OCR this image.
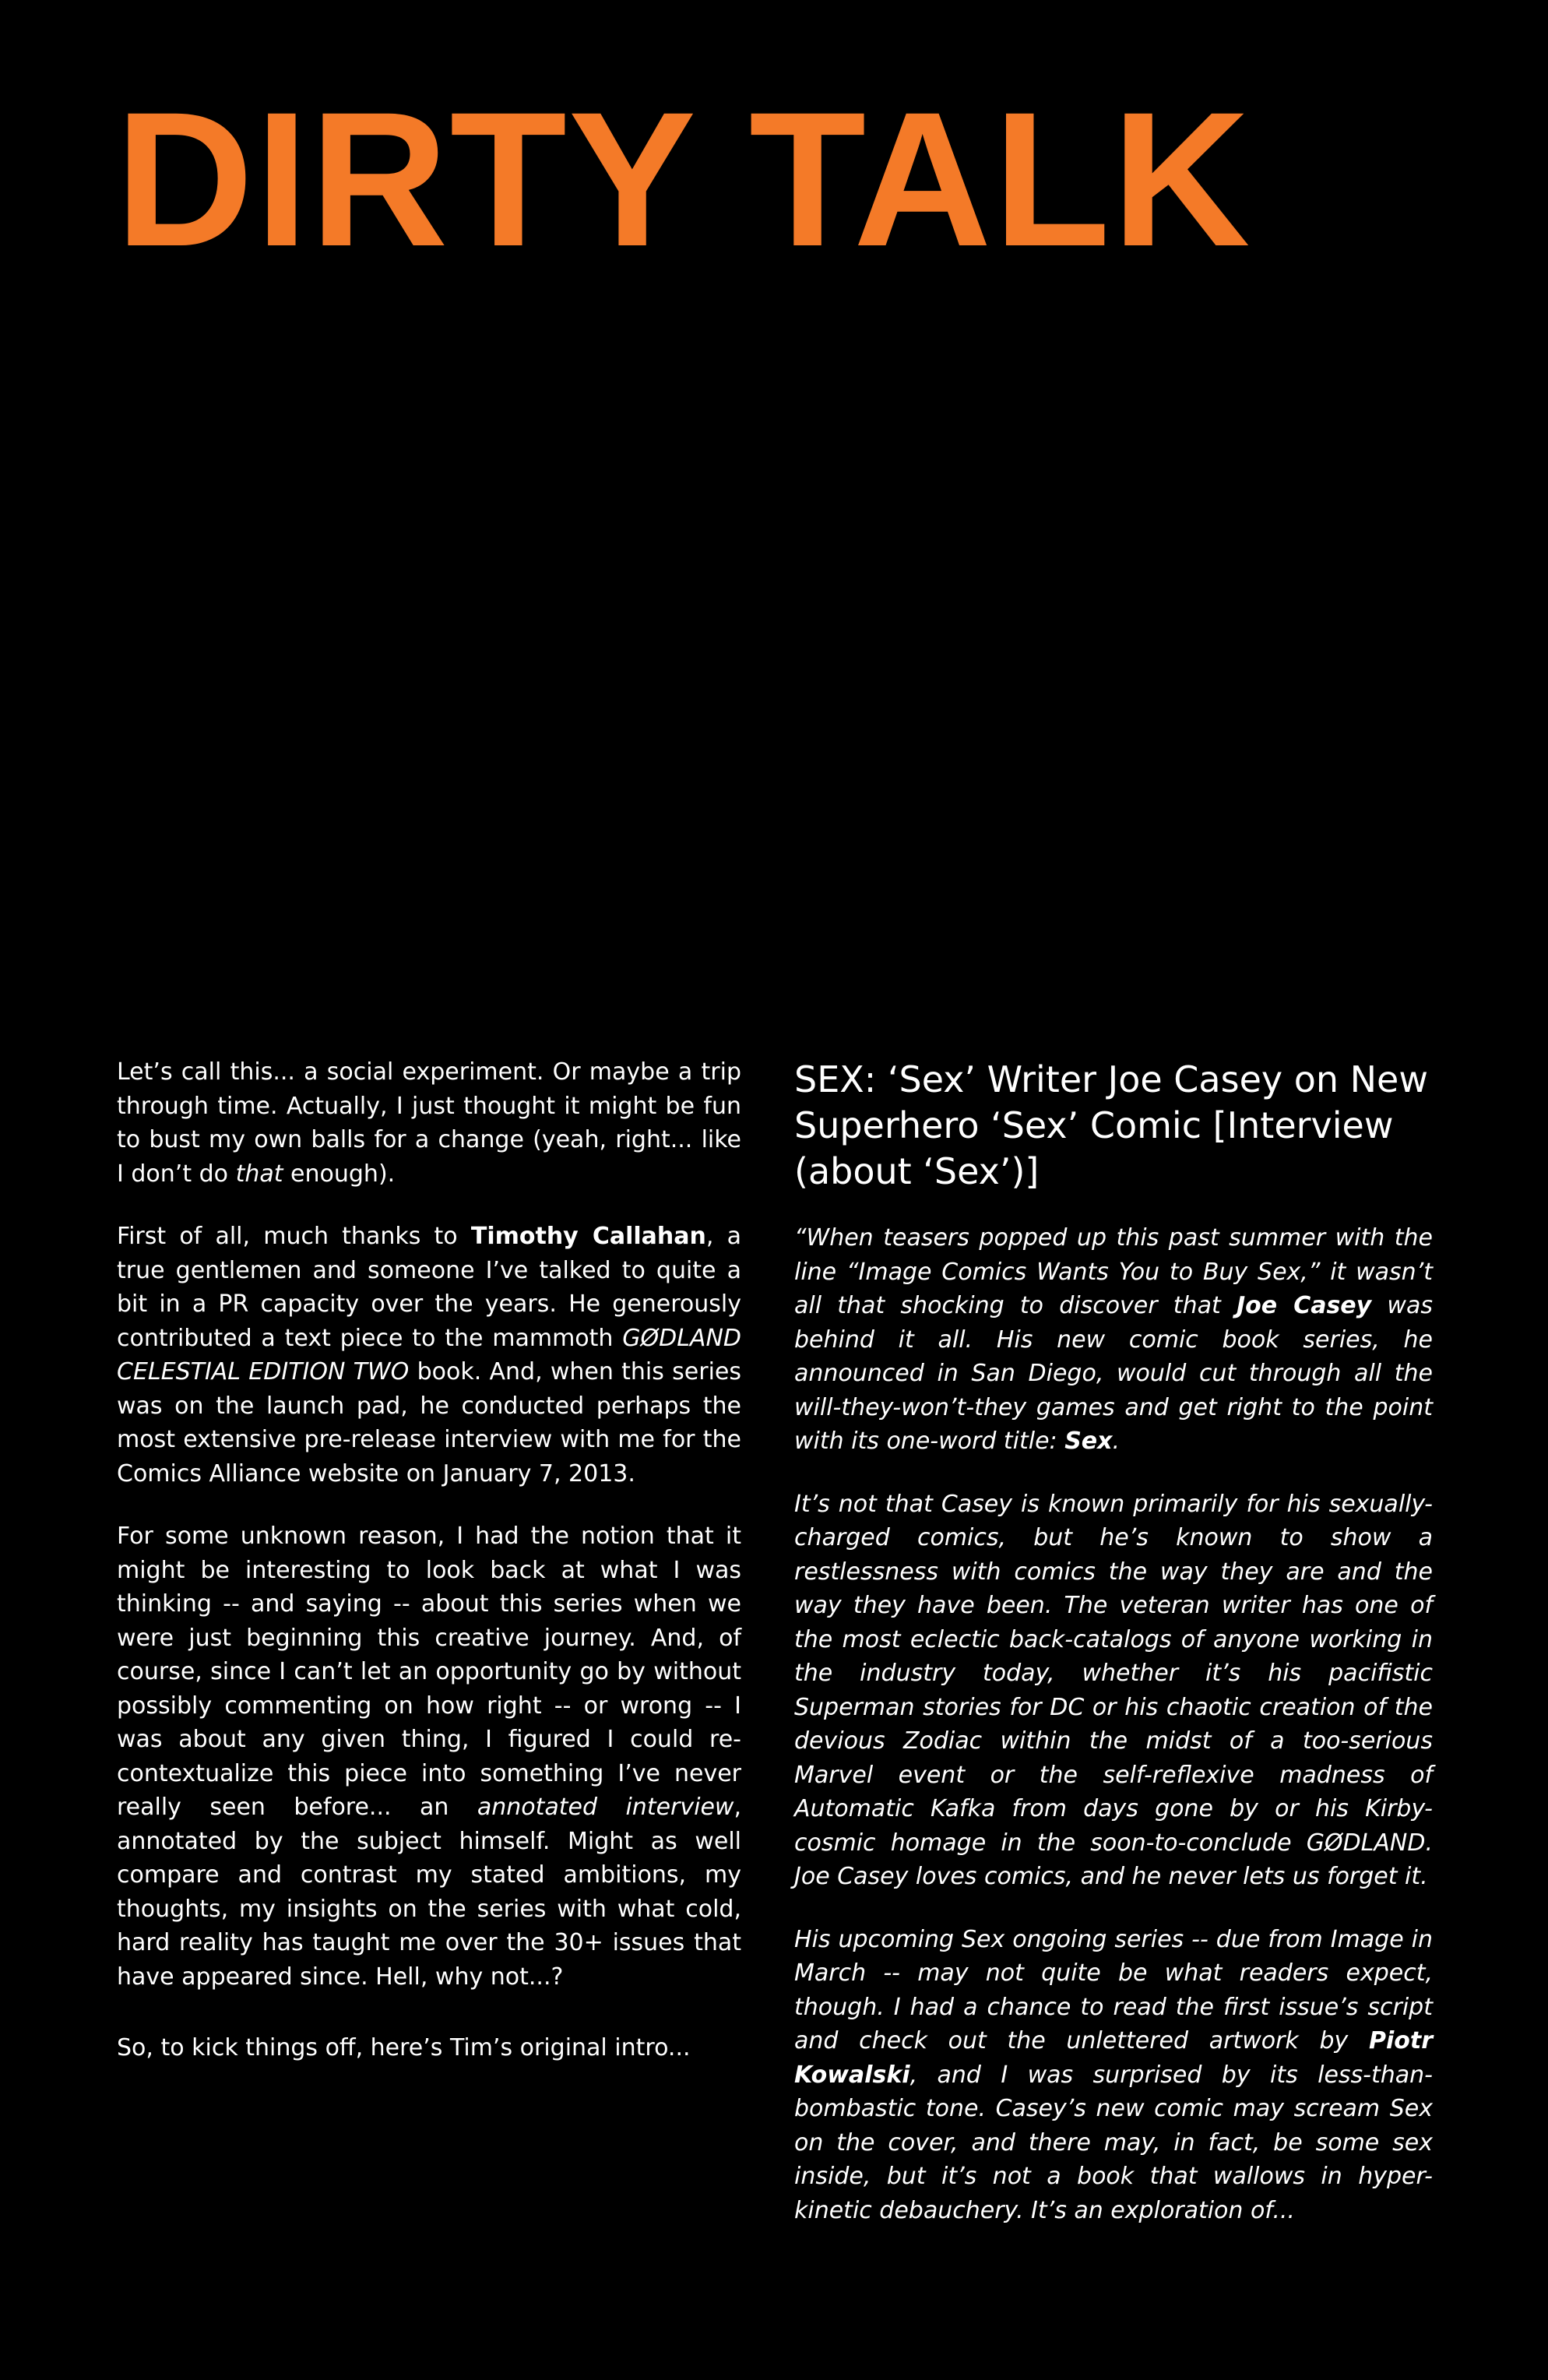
DIRTY TALK

Let’s call this... a social experiment. Or maybe a trip through time. Actually, I just thought it might be fun to bust my own balls for a change (yeah, right... like I don’t do that enough).

First of all, much thanks to Timothy Callahan, a true gentlemen and someone I’ve talked to quite a bit in a PR capacity over the years. He generously contributed a text piece to the mammoth GØDLAND CELESTIAL EDITION TWO book. And, when this series was on the launch pad, he conducted perhaps the most extensive pre-release interview with me for the Comics Alliance website on January 7, 2013.

For some unknown reason, I had the notion that it might be interesting to look back at what I was thinking -- and saying -- about this series when we were just beginning this creative journey. And, of course, since I can’t let an opportunity go by without possibly commenting on how right -- or wrong -- I was about any given thing, I figured I could re-contextualize this piece into something I’ve never really seen before... an annotated interview, annotated by the subject himself. Might as well compare and contrast my stated ambitions, my thoughts, my insights on the series with what cold, hard reality has taught me over the 30+ issues that have appeared since. Hell, why not...?

So, to kick things off, here’s Tim’s original intro...

SEX: ‘Sex’ Writer Joe Casey on New Superhero ‘Sex’ Comic [Interview (about ‘Sex’)]

“When teasers popped up this past summer with the line “Image Comics Wants You to Buy Sex,” it wasn’t all that shocking to discover that Joe Casey was behind it all. His new comic book series, he announced in San Diego, would cut through all the will-they-won’t-they games and get right to the point with its one-word title: Sex.

It’s not that Casey is known primarily for his sexually-charged comics, but he’s known to show a restlessness with comics the way they are and the way they have been. The veteran writer has one of the most eclectic back-catalogs of anyone working in the industry today, whether it’s his pacifistic Superman stories for DC or his chaotic creation of the devious Zodiac within the midst of a too-serious Marvel event or the self-reflexive madness of Automatic Kafka from days gone by or his Kirby-cosmic homage in the soon-to-conclude GØDLAND. Joe Casey loves comics, and he never lets us forget it.

His upcoming Sex ongoing series -- due from Image in March -- may not quite be what readers expect, though. I had a chance to read the first issue’s script and check out the unlettered artwork by Piotr Kowalski, and I was surprised by its less-than-bombastic tone. Casey’s new comic may scream Sex on the cover, and there may, in fact, be some sex inside, but it’s not a book that wallows in hyper-kinetic debauchery. It’s an exploration of...
